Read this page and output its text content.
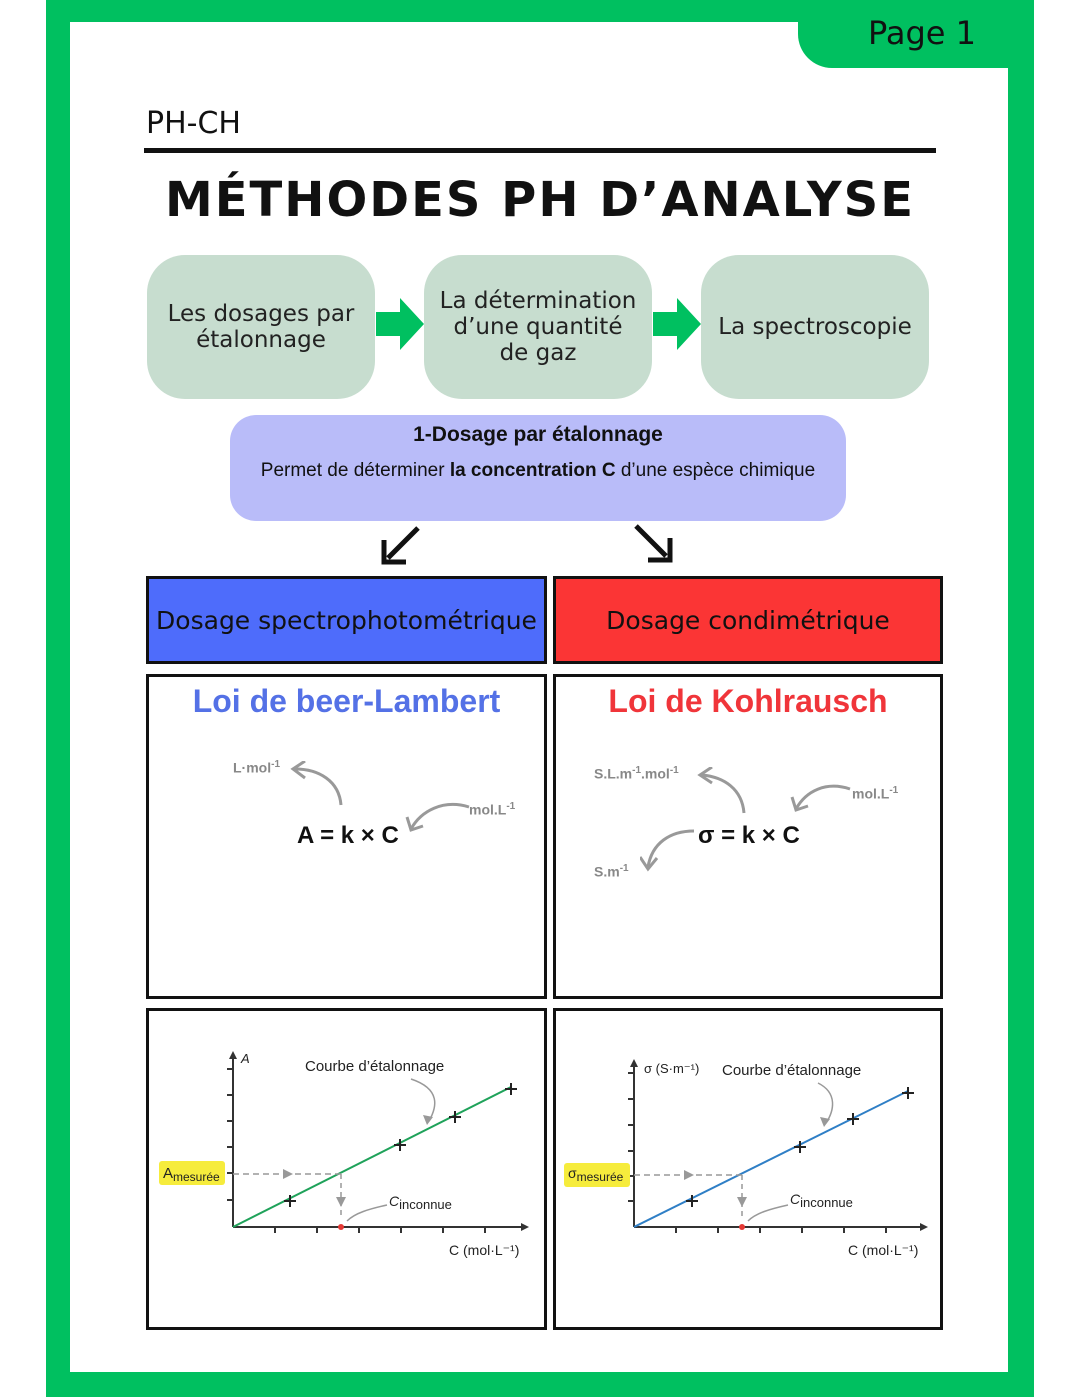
Page 1
PH-CH
MÉTHODES PH D’ANALYSE
Les dosages par étalonnage
La détermination d’une quantité de gaz
La spectroscopie
1-Dosage par étalonnage
Permet de déterminer la concentration C d’une espèce chimique
Dosage spectrophotométrique	Dosage condimétrique
Loi de beer-Lambert
L·mol$^{-1}$
$mol.L^{-1}$
A = k × C
Loi de Kohlrausch
$S.L.m^{-1}.mol^{-1}$
$mol.L^{-1}$
$S.m^{-1}$
σ = k × C
$A_{mesurée}$
A
C (mol·L⁻¹)
Courbe d’étalonnage
Cinconnue
σmesurée
σ (S·m⁻¹)
C (mol·L⁻¹)
Courbe d’étalonnage
Cinconnue
